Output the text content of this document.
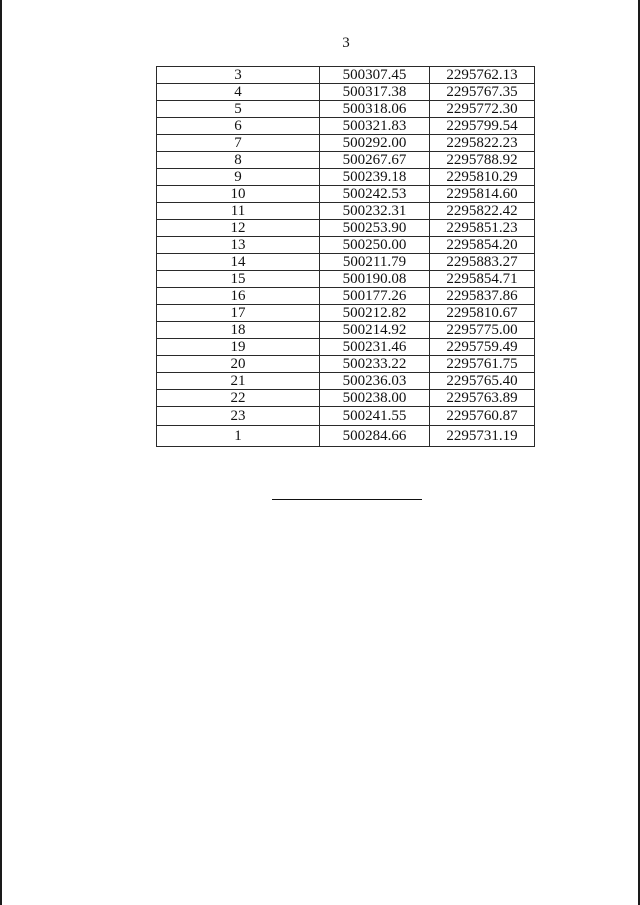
3
3	500307.45	2295762.13
4	500317.38	2295767.35
5	500318.06	2295772.30
6	500321.83	2295799.54
7	500292.00	2295822.23
8	500267.67	2295788.92
9	500239.18	2295810.29
10	500242.53	2295814.60
11	500232.31	2295822.42
12	500253.90	2295851.23
13	500250.00	2295854.20
14	500211.79	2295883.27
15	500190.08	2295854.71
16	500177.26	2295837.86
17	500212.82	2295810.67
18	500214.92	2295775.00
19	500231.46	2295759.49
20	500233.22	2295761.75
21	500236.03	2295765.40
22	500238.00	2295763.89
23	500241.55	2295760.87
1	500284.66	2295731.19
